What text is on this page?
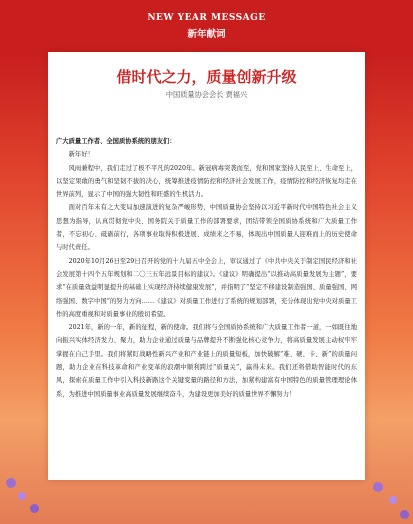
NEW YEAR MESSAGE
新年献词
借时代之力，质量创新升级
中国质量协会会长 贾福兴
广大质量工作者、全国质协系统的朋友们：
新年好！

风雨兼程中，我们走过了极不平凡的2020年。新冠病毒突袭而至，党和国家坚持人民至上、生命至上，以坚定果敢的勇气和坚韧不拔的决心，统筹推进疫情防控和经济社会发展工作，疫情防控和经济恢复均走在世界前列，显示了中国的强大韧性和旺盛的生机活力。

面对百年未有之大变局加速演进的复杂严峻形势，中国质量协会坚持以习近平新时代中国特色社会主义思想为指导，认真贯彻党中央、国务院关于质量工作的部署要求，团结带领全国质协系统和广大质量工作者，不忘初心、砥砺前行，各项事业取得积极进展、成绩来之不易，体现出中国质量人迎难而上的历史使命与时代责任。

2020年10月26日至29日召开的党的十九届五中全会上，审议通过了《中共中央关于制定国民经济和社会发展第十四个五年规划和二〇三五年远景目标的建议》。《建议》明确提出“以推动高质量发展为主题”，要求“在质量效益明显提升的基础上实现经济持续健康发展”，并指明了“坚定不移建设制造强国、质量强国、网络强国、数字中国”的努力方向……《建议》对质量工作进行了系统的规划部署，充分体现出党中央对质量工作的高度重视和对质量事业的殷切希望。

2021年，新的一年，新的征程，新的使命。我们将与全国质协系统和广大质量工作者一道，一如既往地向振兴实体经济发力、聚力，助力企业通过质量与品牌提升不断强化核心竞争力，将高质量发展主动权牢牢掌握在自己手里。我们将紧盯战略性新兴产业和产业链上的质量短板，加快破解“难、硬、卡、新”的质量问题，助力企业在科技革命和产业变革的浪潮中顺利跨过“质量关”，赢得未来。我们还将借助智能时代的东风，探索在质量工作中引入科技新路这个关键变量的路径和方法，加紧构建富有中国特色的质量管理理论体系，为推进中国质量事业高质量发展继续奋斗，为建设更加美好的质量世界不懈努力！
